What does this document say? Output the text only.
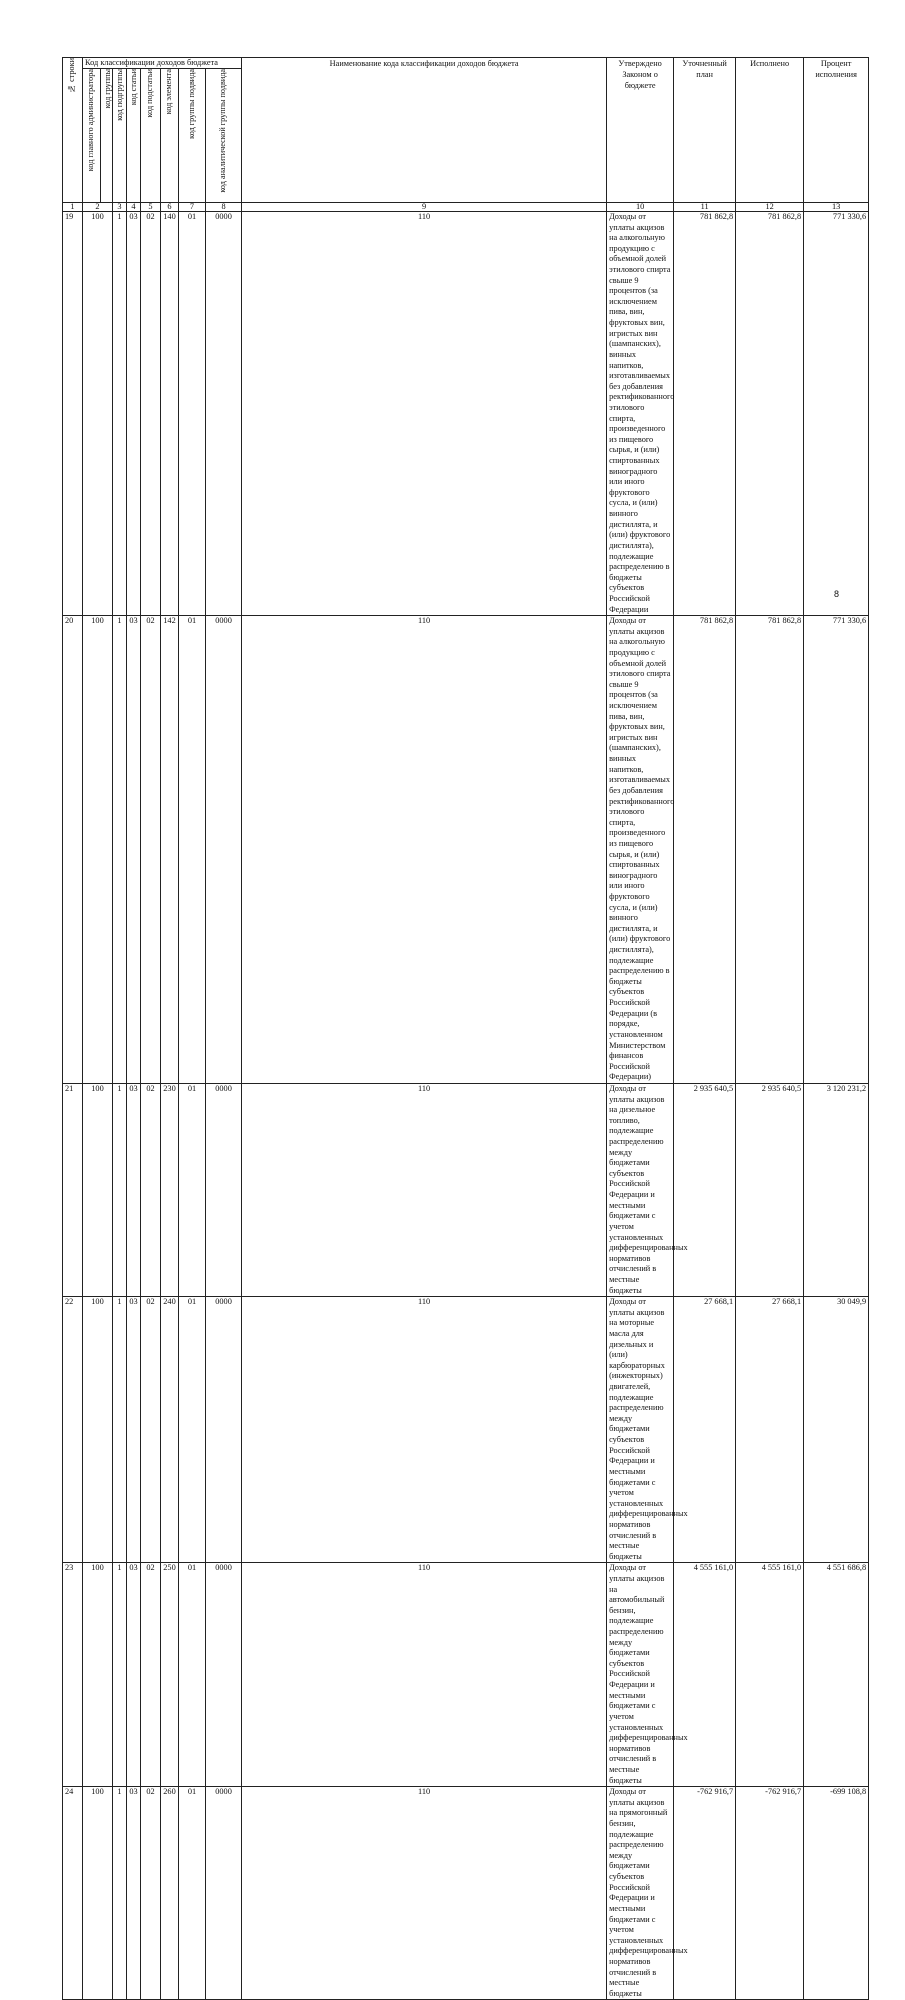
№ строки	Код классификации доходов бюджета								Наименование кода классификации доходов бюджета	Утверждено Законом о бюджете	Уточненный план	Исполнено	Процент исполнения	
	код главного администратора	код группы	код подгруппы	код статьи	код подстатьи	код элемента	код группы подвида	код аналитической группы подвида						
1	2		3	4	5	6	7	8	9	10	11	12	13	
19	100		1	03	02	140	01	0000	110	Доходы от уплаты акцизов на алкогольную продукцию с объемной долей этилового спирта свыше 9 процентов (за исключением пива, вин, фруктовых вин, игристых вин (шампанских), винных напитков, изготавливаемых без добавления ректификованного этилового спирта, произведенного из пищевого сырья, и (или) спиртованных виноградного или иного фруктового сусла, и (или) винного дистиллята, и (или) фруктового дистиллята), подлежащие распределению в бюджеты субъектов Российской Федерации	781 862,8	781 862,8	771 330,6	
20	100		1	03	02	142	01	0000	110	Доходы от уплаты акцизов на алкогольную продукцию с объемной долей этилового спирта свыше 9 процентов (за исключением пива, вин, фруктовых вин, игристых вин (шампанских), винных напитков, изготавливаемых без добавления ректификованного этилового спирта, произведенного из пищевого сырья, и (или) спиртованных виноградного или иного фруктового сусла, и (или) винного дистиллята, и (или) фруктового дистиллята), подлежащие распределению в бюджеты субъектов Российской Федерации (в порядке, установленном Министерством финансов Российской Федерации)	781 862,8	781 862,8	771 330,6	
21	100		1	03	02	230	01	0000	110	Доходы от уплаты акцизов на дизельное топливо, подлежащие распределению между бюджетами субъектов Российской Федерации и местными бюджетами с учетом установленных дифференцированных нормативов отчислений в местные бюджеты	2 935 640,5	2 935 640,5	3 120 231,2	
22	100		1	03	02	240	01	0000	110	Доходы от уплаты акцизов на моторные масла для дизельных и (или) карбюраторных (инжекторных) двигателей, подлежащие распределению между бюджетами субъектов Российской Федерации и местными бюджетами с учетом установленных дифференцированных нормативов отчислений в местные бюджеты	27 668,1	27 668,1	30 049,9	
23	100		1	03	02	250	01	0000	110	Доходы от уплаты акцизов на автомобильный бензин, подлежащие распределению между бюджетами субъектов Российской Федерации и местными бюджетами с учетом установленных дифференцированных нормативов отчислений в местные бюджеты	4 555 161,0	4 555 161,0	4 551 686,8	
24	100		1	03	02	260	01	0000	110	Доходы от уплаты акцизов на прямогонный бензин, подлежащие распределению между бюджетами субъектов Российской Федерации и местными бюджетами с учетом установленных дифференцированных нормативов отчислений в местные бюджеты	-762 916,7	-762 916,7	-699 108,8	
8
